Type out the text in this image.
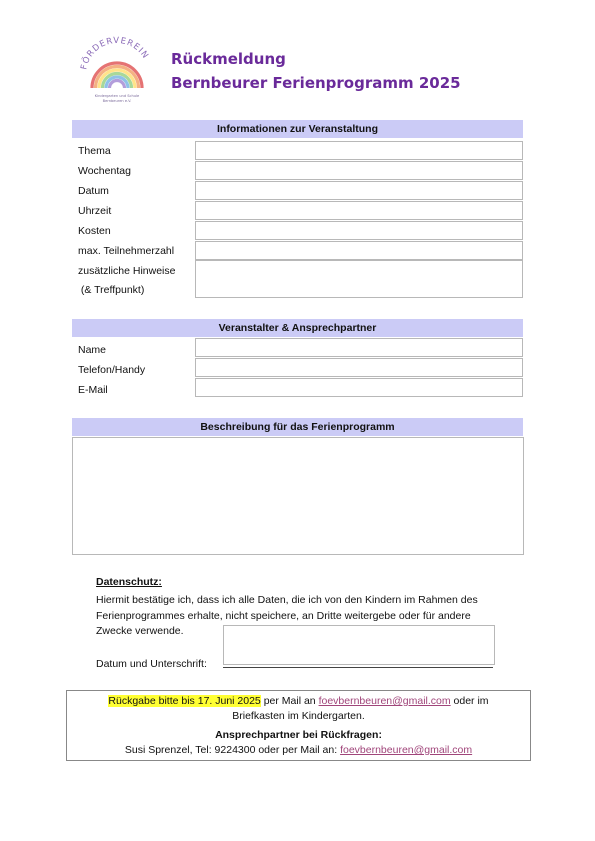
FÖRDERVEREIN
Kindergarten und Schule
Bernbeuren e.V.
Rückmeldung
Bernbeurer Ferienprogramm 2025
Informationen zur Veranstaltung
Thema
Wochentag
Datum
Uhrzeit
Kosten
max. Teilnehmerzahl
zusätzliche Hinweise
(& Treffpunkt)
Veranstalter & Ansprechpartner
Name
Telefon/Handy
E-Mail
Beschreibung für das Ferienprogramm
Datenschutz:
Hiermit bestätige ich, dass ich alle Daten, die ich von den Kindern im Rahmen des Ferienprogrammes erhalte, nicht speichere, an Dritte weitergebe oder für andere Zwecke verwende.
Datum und Unterschrift:
Rückgabe bitte bis 17. Juni 2025 per Mail an foevbernbeuren@gmail.com oder im
Briefkasten im Kindergarten.
Ansprechpartner bei Rückfragen:
Susi Sprenzel, Tel: 9224300 oder per Mail an: foevbernbeuren@gmail.com
